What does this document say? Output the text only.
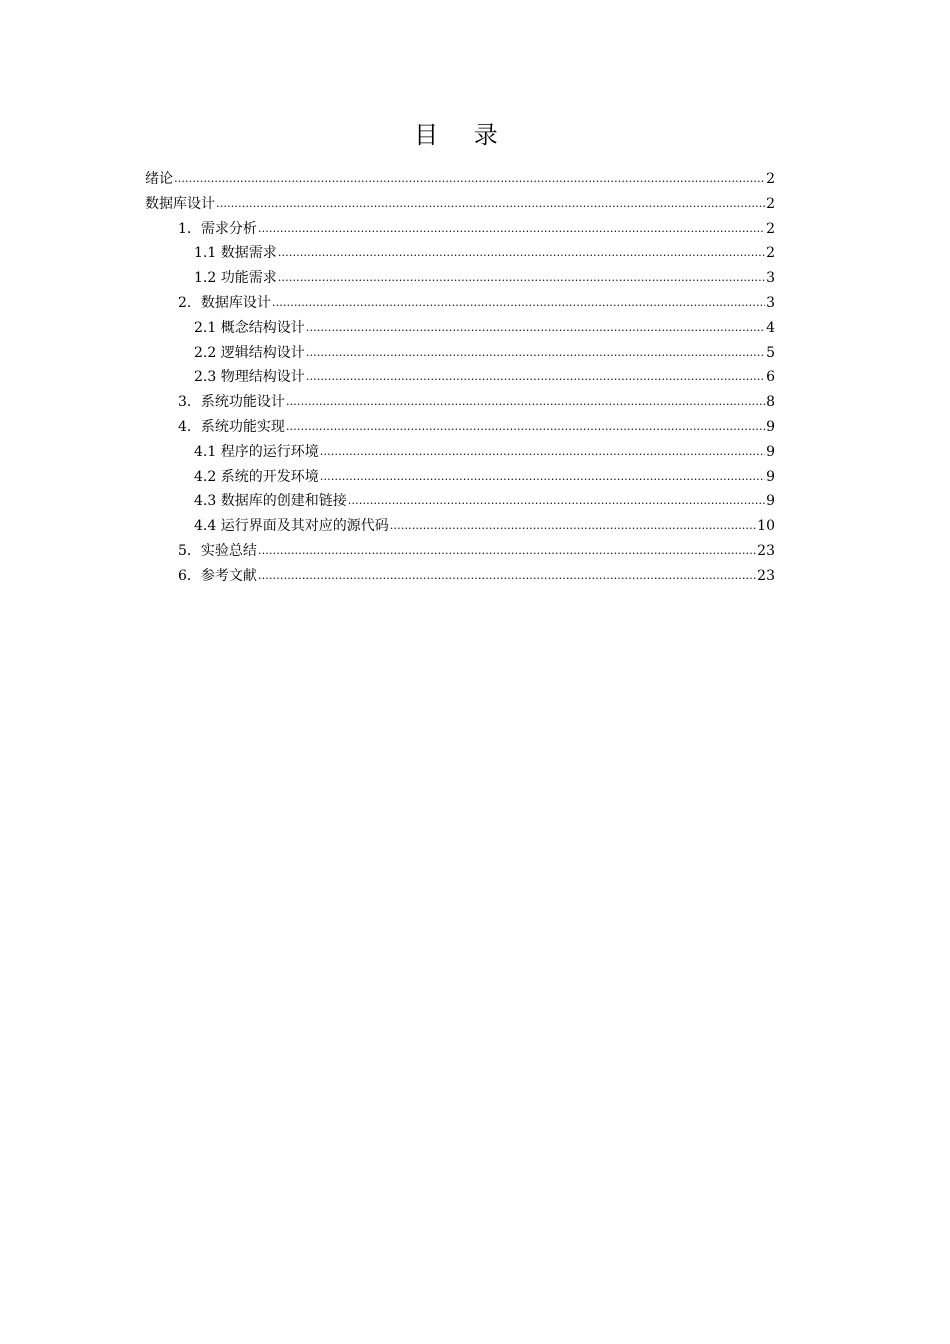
目 录
绪论 …………………………………………………………………………………………………………………………………………………………………………………………	2
数据库设计 …………………………………………………………………………………………………………………………………………………………………………………………	2
1．需求分析 …………………………………………………………………………………………………………………………………………………………………………………………	2
1.1 数据需求 …………………………………………………………………………………………………………………………………………………………………………………………	2
1.2 功能需求 …………………………………………………………………………………………………………………………………………………………………………………………	3
2．数据库设计 …………………………………………………………………………………………………………………………………………………………………………………………	3
2.1 概念结构设计 …………………………………………………………………………………………………………………………………………………………………………………………	4
2.2 逻辑结构设计 …………………………………………………………………………………………………………………………………………………………………………………………	5
2.3 物理结构设计 …………………………………………………………………………………………………………………………………………………………………………………………	6
3．系统功能设计 …………………………………………………………………………………………………………………………………………………………………………………………	8
4．系统功能实现 …………………………………………………………………………………………………………………………………………………………………………………………	9
4.1 程序的运行环境 …………………………………………………………………………………………………………………………………………………………………………………………	9
4.2 系统的开发环境 …………………………………………………………………………………………………………………………………………………………………………………………	9
4.3 数据库的创建和链接 …………………………………………………………………………………………………………………………………………………………………………………………	9
4.4 运行界面及其对应的源代码 …………………………………………………………………………………………………………………………………………………………………………………………	10
5．实验总结 …………………………………………………………………………………………………………………………………………………………………………………………	23
6．参考文献 …………………………………………………………………………………………………………………………………………………………………………………………	23
